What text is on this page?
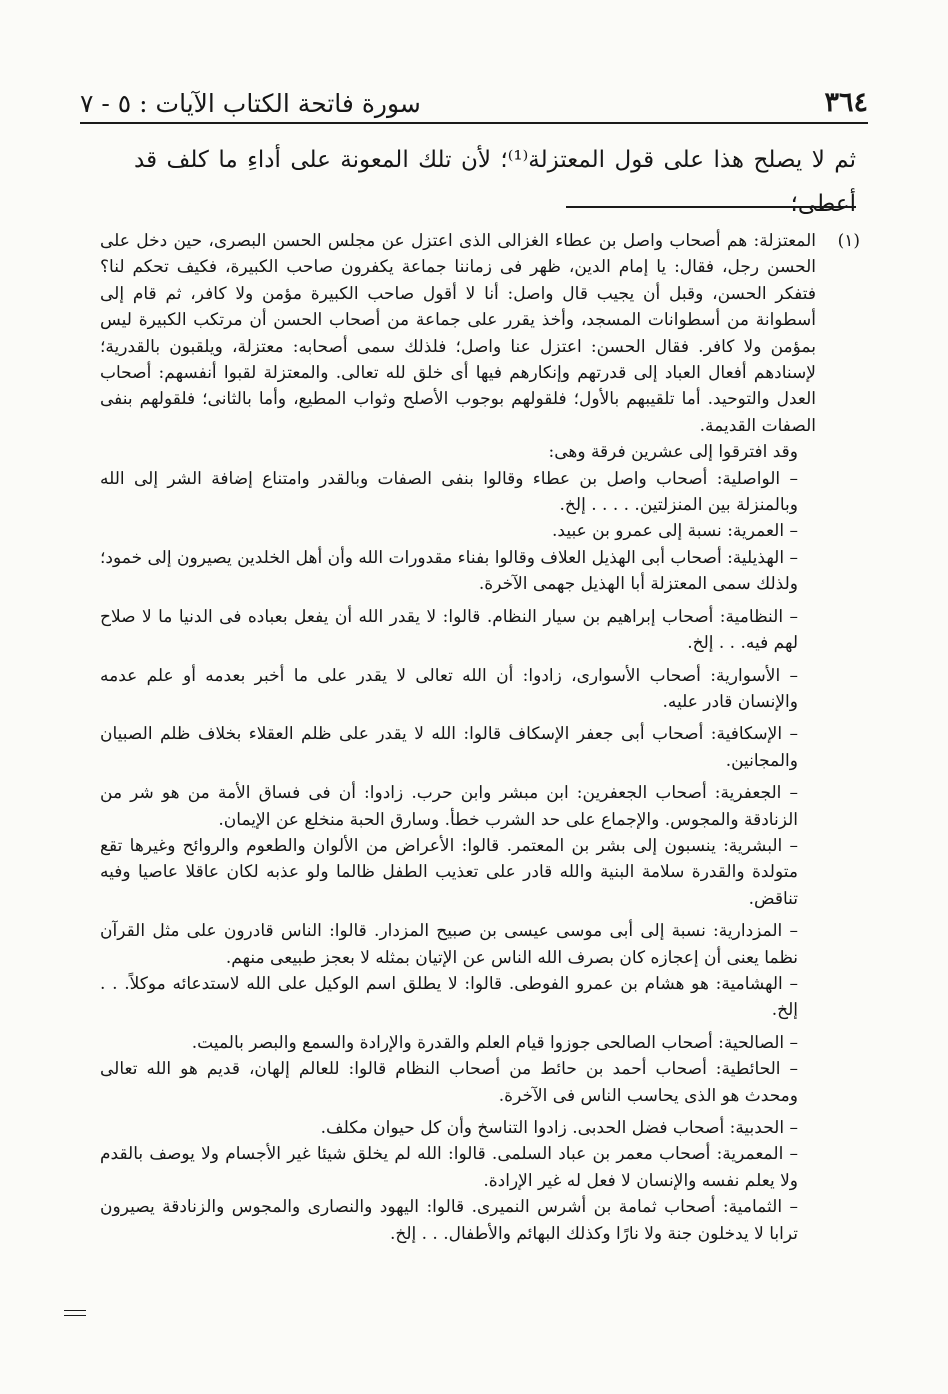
٣٦٤
سورة فاتحة الكتاب الآيات : ٥ - ٧

ثم لا يصلح هذا على قول المعتزلة⁽¹⁾؛ لأن تلك المعونة على أداءِ ما كلف قد أعطى؛

(١)

المعتزلة: هم أصحاب واصل بن عطاء الغزالى الذى اعتزل عن مجلس الحسن البصرى، حين دخل على الحسن رجل، فقال: يا إمام الدين، ظهر فى زماننا جماعة يكفرون صاحب الكبيرة، فكيف تحكم لنا؟ فتفكر الحسن، وقبل أن يجيب قال واصل: أنا لا أقول صاحب الكبيرة مؤمن ولا كافر، ثم قام إلى أسطوانة من أسطوانات المسجد، وأخذ يقرر على جماعة من أصحاب الحسن أن مرتكب الكبيرة ليس بمؤمن ولا كافر. فقال الحسن: اعتزل عنا واصل؛ فلذلك سمى أصحابه: معتزلة، ويلقبون بالقدرية؛ لإسنادهم أفعال العباد إلى قدرتهم وإنكارهم فيها أى خلق لله تعالى. والمعتزلة لقبوا أنفسهم: أصحاب العدل والتوحيد. أما تلقيبهم بالأول؛ فلقولهم بوجوب الأصلح وثواب المطيع، وأما بالثانى؛ فلقولهم بنفى الصفات القديمة.

وقد افترقوا إلى عشرين فرقة وهى:

– الواصلية: أصحاب واصل بن عطاء وقالوا بنفى الصفات وبالقدر وامتناع إضافة الشر إلى الله وبالمنزلة بين المنزلتين. . . . . إلخ.

– العمرية: نسبة إلى عمرو بن عبيد.

– الهذيلية: أصحاب أبى الهذيل العلاف وقالوا بفناء مقدورات الله وأن أهل الخلدين يصيرون إلى خمود؛ ولذلك سمى المعتزلة أبا الهذيل جهمى الآخرة.

– النظامية: أصحاب إبراهيم بن سيار النظام. قالوا: لا يقدر الله أن يفعل بعباده فى الدنيا ما لا صلاح لهم فيه. . . إلخ.

– الأسوارية: أصحاب الأسوارى، زادوا: أن الله تعالى لا يقدر على ما أخبر بعدمه أو علم عدمه والإنسان قادر عليه.

– الإسكافية: أصحاب أبى جعفر الإسكاف قالوا: الله لا يقدر على ظلم العقلاء بخلاف ظلم الصبيان والمجانين.

– الجعفرية: أصحاب الجعفرين: ابن مبشر وابن حرب. زادوا: أن فى فساق الأمة من هو شر من الزنادقة والمجوس. والإجماع على حد الشرب خطأ. وسارق الحبة منخلع عن الإيمان.

– البشرية: ينسبون إلى بشر بن المعتمر. قالوا: الأعراض من الألوان والطعوم والروائح وغيرها تقع متولدة والقدرة سلامة البنية والله قادر على تعذيب الطفل ظالما ولو عذبه لكان عاقلا عاصيا وفيه تناقض.

– المزدارية: نسبة إلى أبى موسى عيسى بن صبيح المزدار. قالوا: الناس قادرون على مثل القرآن نظما يعنى أن إعجازه كان بصرف الله الناس عن الإتيان بمثله لا بعجز طبيعى منهم.

– الهشامية: هو هشام بن عمرو الفوطى. قالوا: لا يطلق اسم الوكيل على الله لاستدعائه موكلاً. . . إلخ.

– الصالحية: أصحاب الصالحى جوزوا قيام العلم والقدرة والإرادة والسمع والبصر بالميت.

– الحائطية: أصحاب أحمد بن حائط من أصحاب النظام قالوا: للعالم إلهان، قديم هو الله تعالى ومحدث هو الذى يحاسب الناس فى الآخرة.

– الحدبية: أصحاب فضل الحدبى. زادوا التناسخ وأن كل حيوان مكلف.

– المعمرية: أصحاب معمر بن عباد السلمى. قالوا: الله لم يخلق شيئا غير الأجسام ولا يوصف بالقدم ولا يعلم نفسه والإنسان لا فعل له غير الإرادة.

– الثمامية: أصحاب ثمامة بن أشرس النميرى. قالوا: اليهود والنصارى والمجوس والزنادقة يصيرون ترابا لا يدخلون جنة ولا نارًا وكذلك البهائم والأطفال. . . إلخ.
